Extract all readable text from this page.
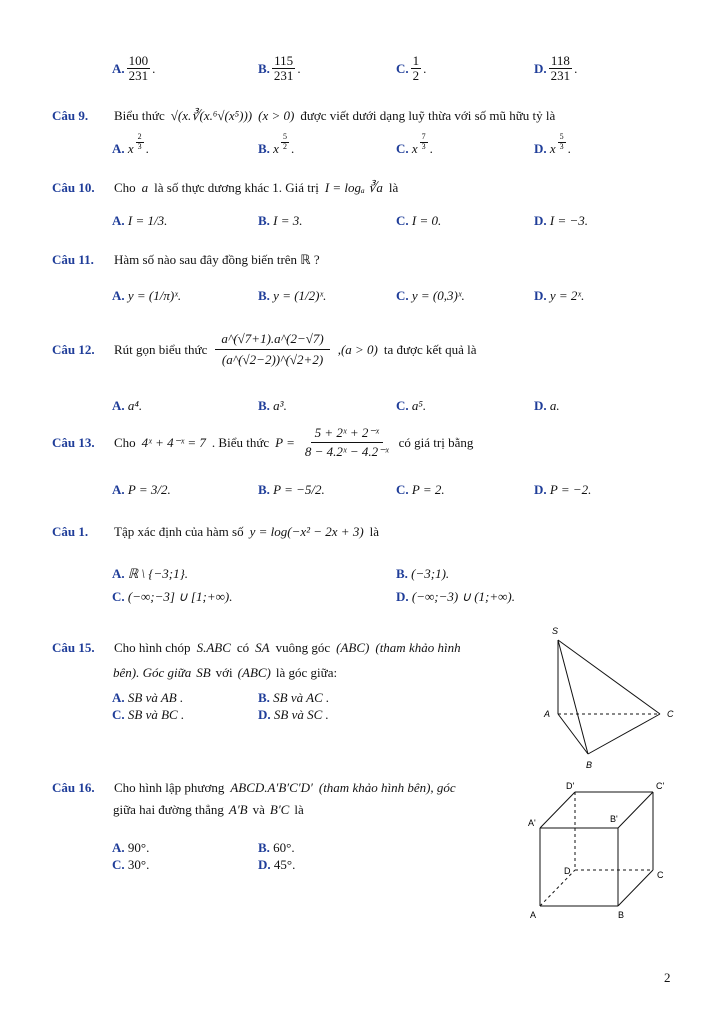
A. $\frac{100}{231}$ .	B. $\frac{115}{231}$ .	C. $\frac{1}{2}$ .	D. $\frac{118}{231}$ .
Câu 9.	Biểu thức √(x.∛(x.⁶√(x⁵))) (x > 0) được viết dưới dạng luỹ thừa với số mũ hữu tỷ là
A.
x $\frac{2}{3}$ .	B.
x $\frac{5}{2}$ .	C.
x $\frac{7}{3}$ .	D.
x $\frac{5}{3}$ .
Câu 10.	Cho a là số thực dương khác 1. Giá trị I = logₐ ∛a là
A.
I = 1/3.	B.
I = 3.	C.
I = 0.	D.
I = −3.
Câu 11.	Hàm số nào sau đây đồng biến trên ℝ ?
A.
y = (1/π)ˣ.	B.
y = (1/2)ˣ.	C.
y = (0,3)ˣ.	D.
y = 2ˣ.
Câu 12.	Rút gọn biểu thức $\frac{a\^{}(√7+1).a\^{}(2-√7)}{(a\^{}(√2-2))\^{}(√2+2)} ,(a > 0)$ ta được kết quả là
A.
a⁴.	B.
a³.	C.
a⁵.	D.
a.
Câu 13.	Cho 4ˣ + 4⁻ˣ = 7 . Biểu thức $P = \frac{\text{5 + 2ˣ + 2⁻ˣ}}{\text{8 − 4.2ˣ − 4.2⁻ˣ}}$ có giá trị bằng
A.
P = 3/2.	B.
P = −5/2.	C.
P = 2.	D.
P = −2.
Câu 1.	Tập xác định của hàm số y = log(−x² − 2x + 3) là
A.
ℝ \ {−3;1}.	B.
(−3;1).
C.
(−∞;−3] ∪ [1;+∞).	D.
(−∞;−3) ∪ (1;+∞).
Câu 15.	Cho hình chóp S.ABC có SA vuông góc (ABC) (tham khảo hình
bên). Góc giữa SB với (ABC) là góc giữa:
A.
SB và AB .	B.
SB và AC .
C.
SB và BC .	D.
SB và SC .
S
A
B
C
Câu 16.	Cho hình lập phương ABCD.A′B′C′D′ (tham khảo hình bên), góc
giữa hai đường thẳng A′B và B′C là
A.
90°.	B.
60°.
C.
30°.	D.
45°.
A	B
C
D
A'	B'
C'
D'
2
